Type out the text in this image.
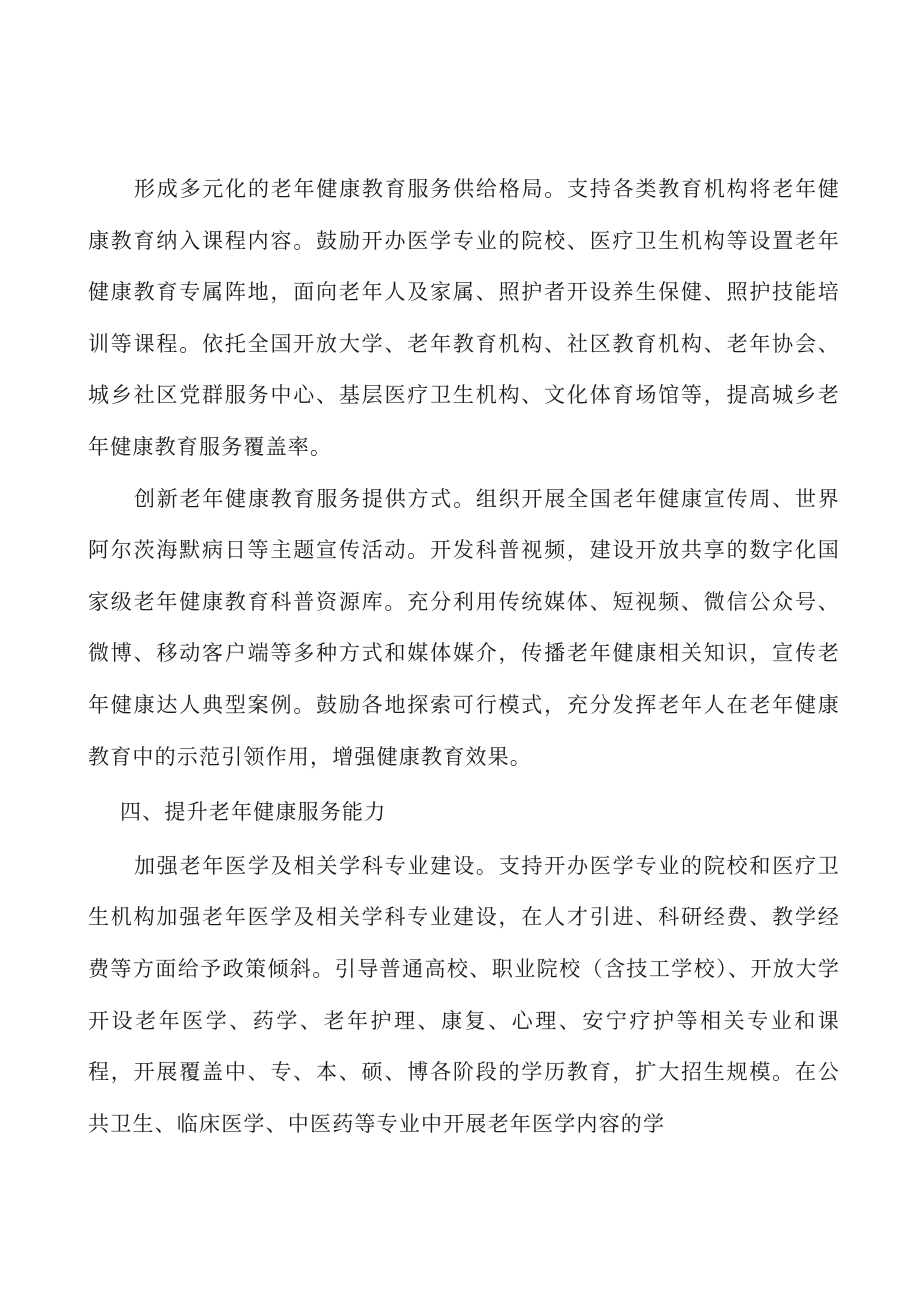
形成多元化的老年健康教育服务供给格局。支持各类教育机构将老年健康教育纳入课程内容。鼓励开办医学专业的院校、医疗卫生机构等设置老年健康教育专属阵地，面向老年人及家属、照护者开设养生保健、照护技能培训等课程。依托全国开放大学、老年教育机构、社区教育机构、老年协会、城乡社区党群服务中心、基层医疗卫生机构、文化体育场馆等，提高城乡老年健康教育服务覆盖率。

创新老年健康教育服务提供方式。组织开展全国老年健康宣传周、世界阿尔茨海默病日等主题宣传活动。开发科普视频，建设开放共享的数字化国家级老年健康教育科普资源库。充分利用传统媒体、短视频、微信公众号、微博、移动客户端等多种方式和媒体媒介，传播老年健康相关知识，宣传老年健康达人典型案例。鼓励各地探索可行模式，充分发挥老年人在老年健康教育中的示范引领作用，增强健康教育效果。

四、提升老年健康服务能力

加强老年医学及相关学科专业建设。支持开办医学专业的院校和医疗卫生机构加强老年医学及相关学科专业建设，在人才引进、科研经费、教学经费等方面给予政策倾斜。引导普通高校、职业院校（含技工学校）、开放大学开设老年医学、药学、老年护理、康复、心理、安宁疗护等相关专业和课程，开展覆盖中、专、本、硕、博各阶段的学历教育，扩大招生规模。在公共卫生、临床医学、中医药等专业中开展老年医学内容的学
